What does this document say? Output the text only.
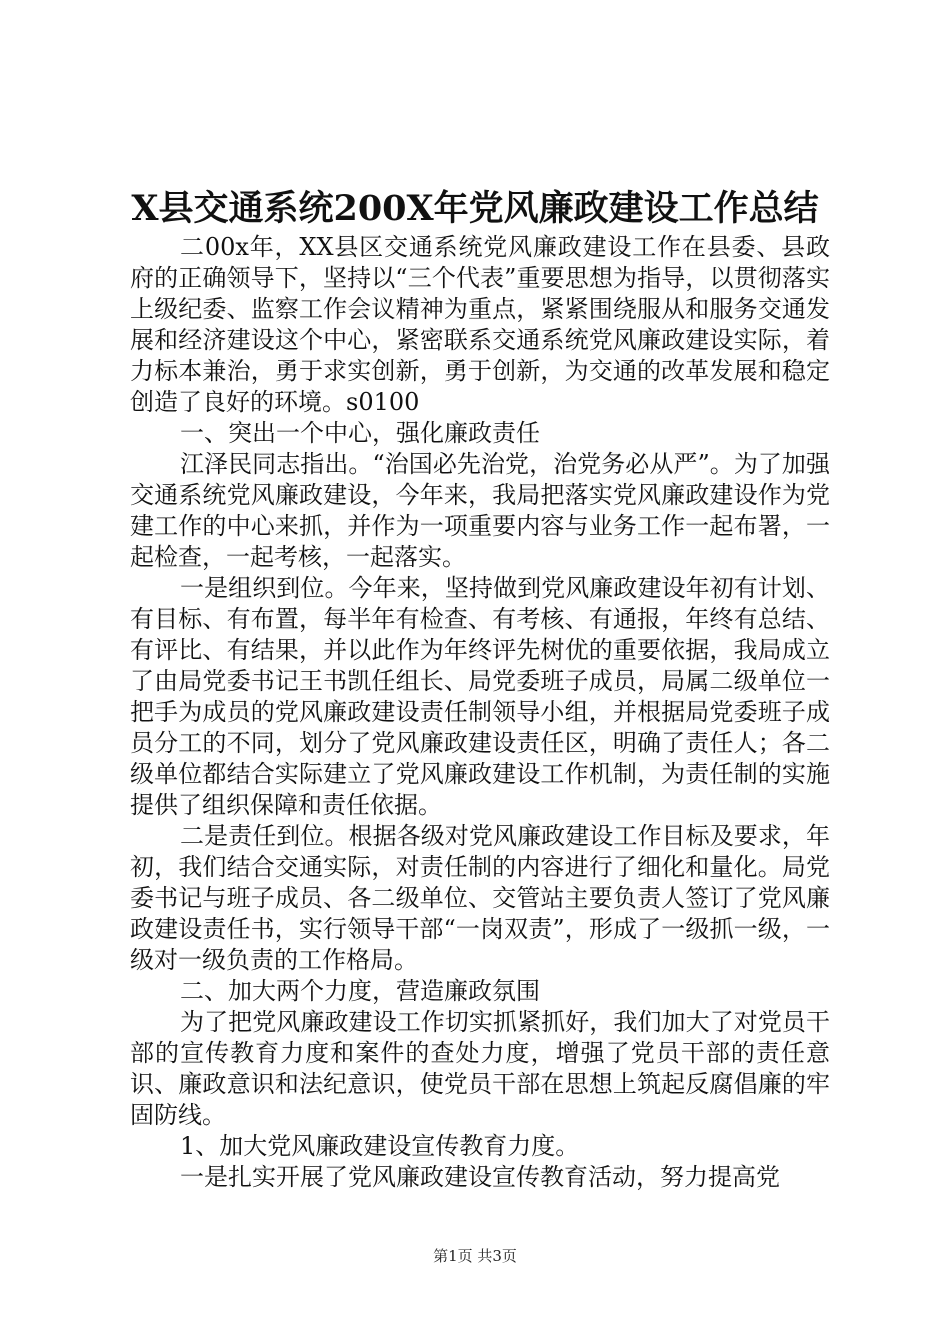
X县交通系统200X年党风廉政建设工作总结

二00x年，XX县区交通系统党风廉政建设工作在县委、县政府的正确领导下，坚持以“三个代表”重要思想为指导，以贯彻落实上级纪委、监察工作会议精神为重点，紧紧围绕服从和服务交通发展和经济建设这个中心，紧密联系交通系统党风廉政建设实际，着力标本兼治，勇于求实创新，勇于创新，为交通的改革发展和稳定创造了良好的环境。s0100

一、突出一个中心，强化廉政责任

江泽民同志指出。“治国必先治党，治党务必从严”。为了加强交通系统党风廉政建设，今年来，我局把落实党风廉政建设作为党建工作的中心来抓，并作为一项重要内容与业务工作一起布署，一起检查，一起考核，一起落实。

一是组织到位。今年来，坚持做到党风廉政建设年初有计划、有目标、有布置，每半年有检查、有考核、有通报，年终有总结、有评比、有结果，并以此作为年终评先树优的重要依据，我局成立了由局党委书记王书凯任组长、局党委班子成员，局属二级单位一把手为成员的党风廉政建设责任制领导小组，并根据局党委班子成员分工的不同，划分了党风廉政建设责任区，明确了责任人；各二级单位都结合实际建立了党风廉政建设工作机制，为责任制的实施提供了组织保障和责任依据。

二是责任到位。根据各级对党风廉政建设工作目标及要求，年初，我们结合交通实际，对责任制的内容进行了细化和量化。局党委书记与班子成员、各二级单位、交管站主要负责人签订了党风廉政建设责任书，实行领导干部“一岗双责”，形成了一级抓一级，一级对一级负责的工作格局。

二、加大两个力度，营造廉政氛围

为了把党风廉政建设工作切实抓紧抓好，我们加大了对党员干部的宣传教育力度和案件的查处力度，增强了党员干部的责任意识、廉政意识和法纪意识，使党员干部在思想上筑起反腐倡廉的牢固防线。

1、加大党风廉政建设宣传教育力度。

一是扎实开展了党风廉政建设宣传教育活动，努力提高党

第1页 共3页
